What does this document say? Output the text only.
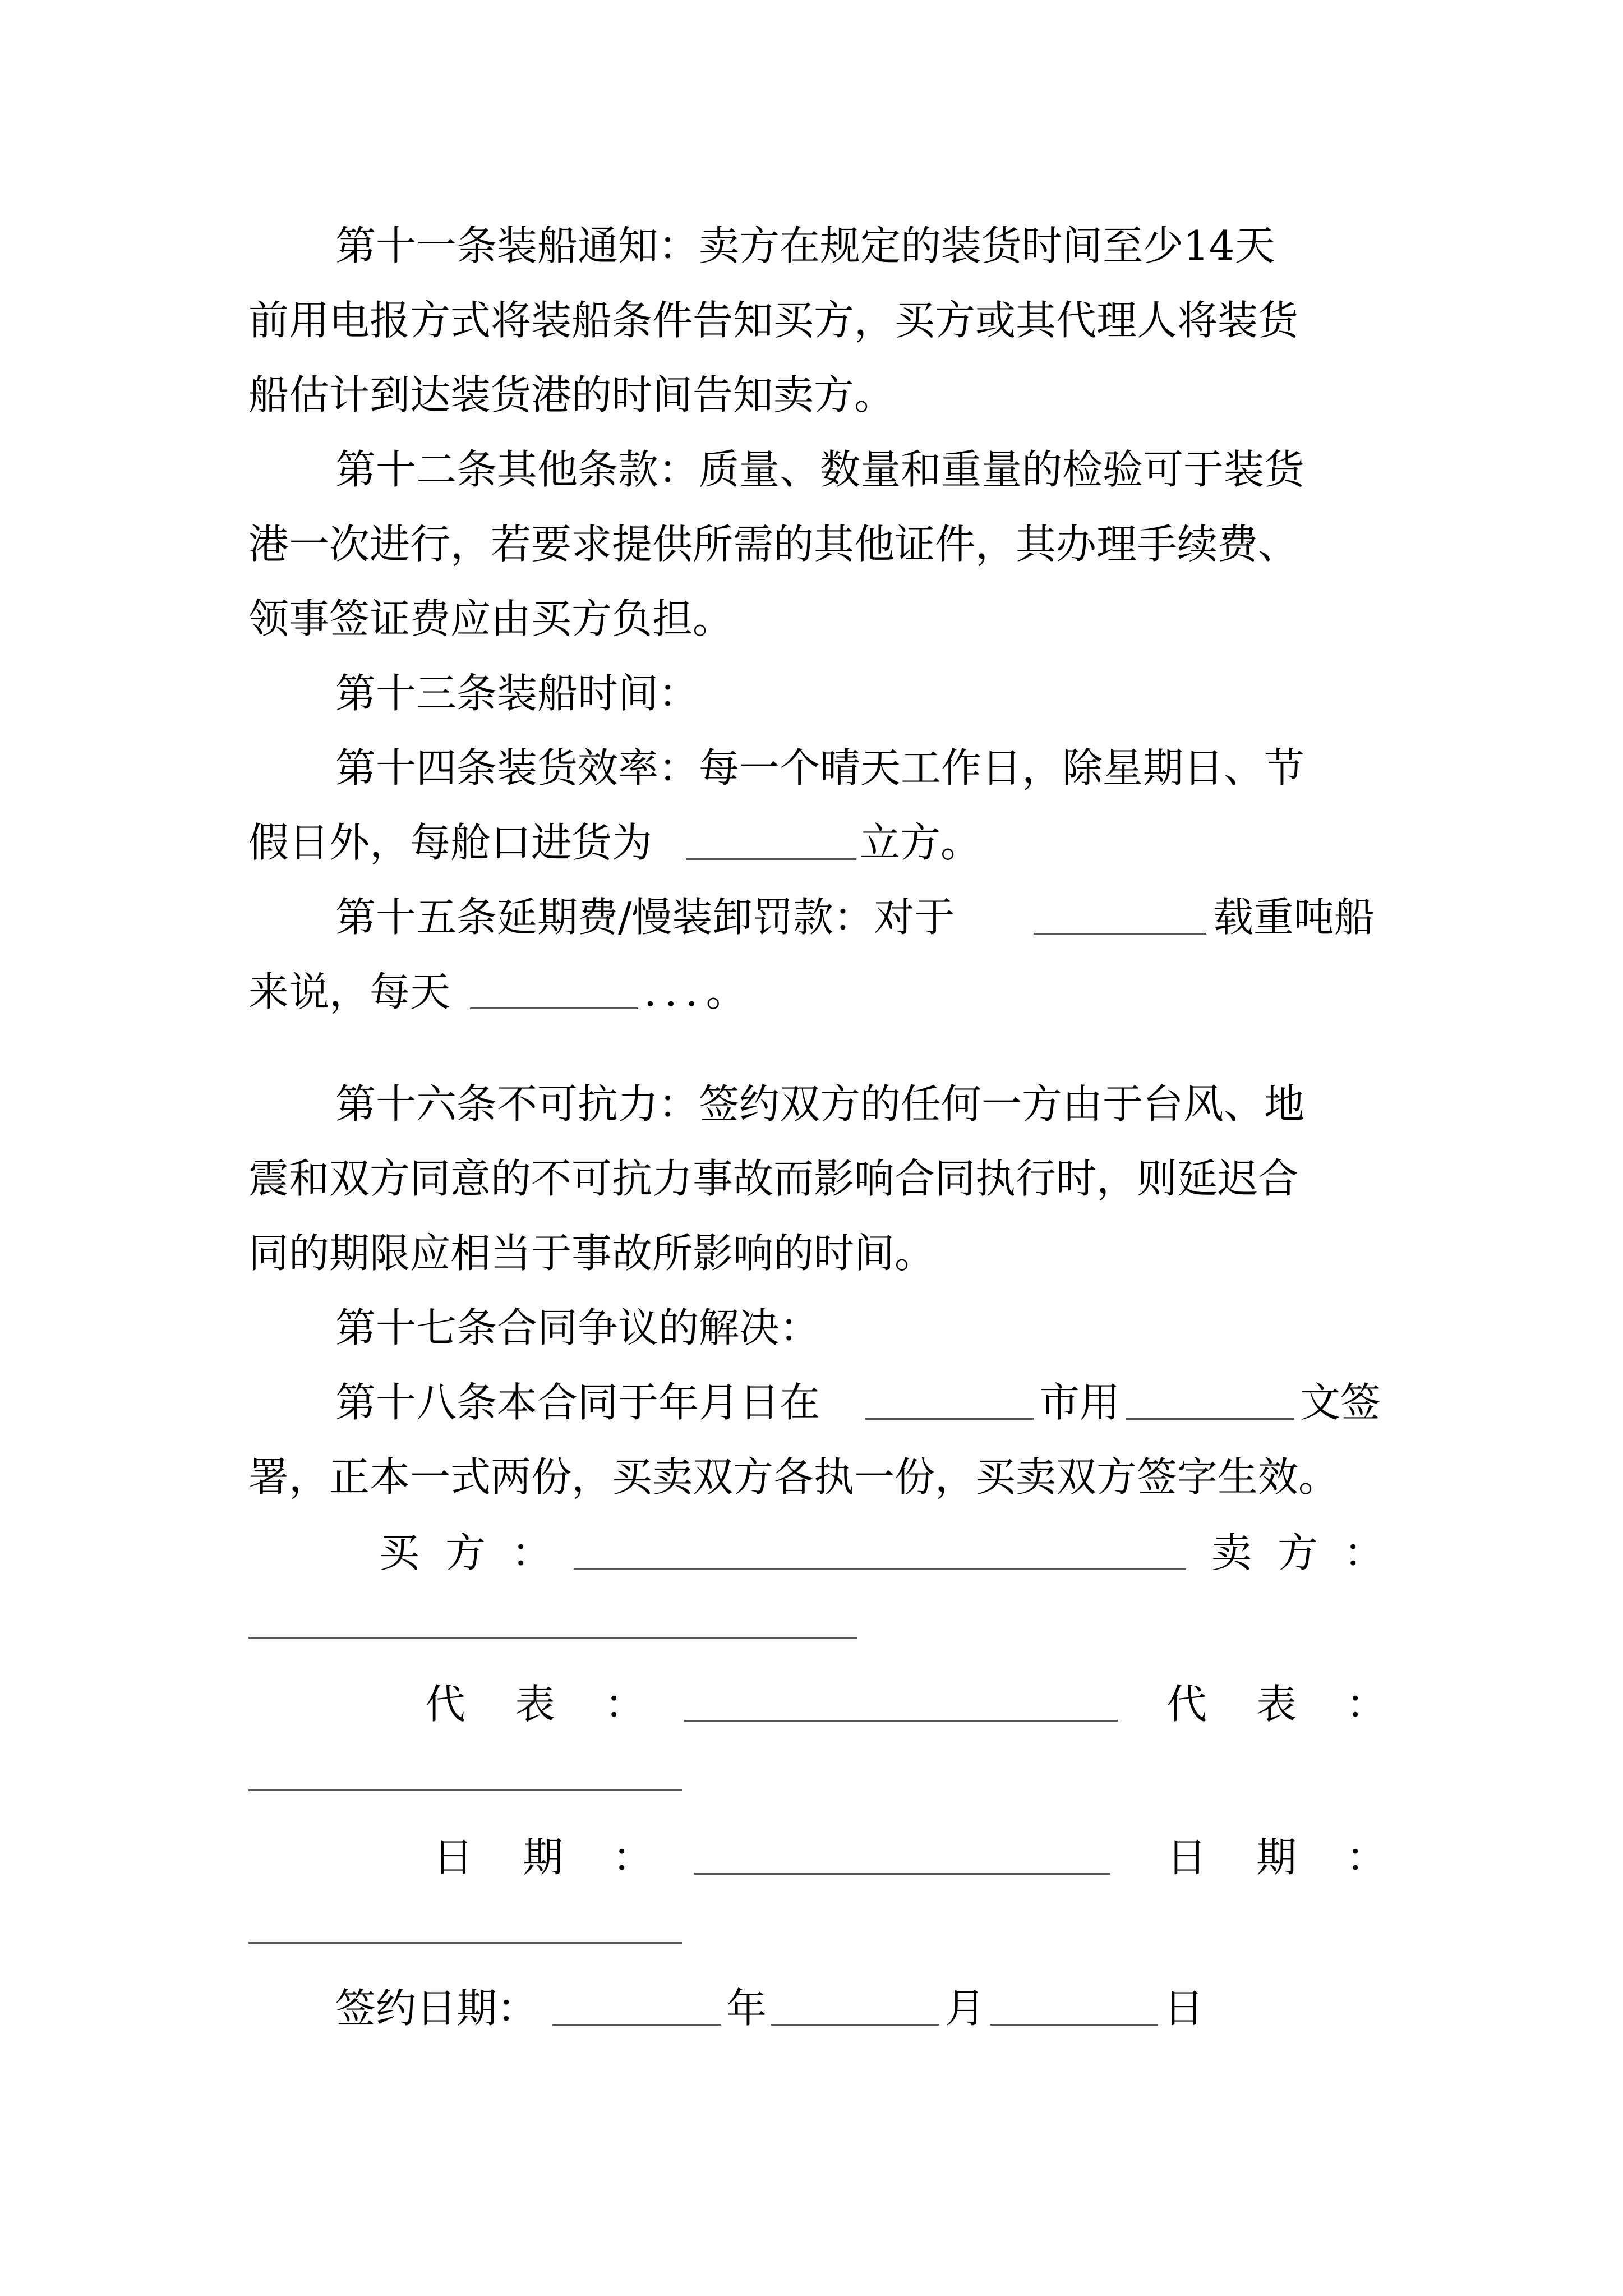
第十一条装船通知：卖方在规定的装货时间至少14天
前用电报方式将装船条件告知买方，买方或其代理人将装货
船估计到达装货港的时间告知卖方。
第十二条其他条款：质量、数量和重量的检验可于装货
港一次进行，若要求提供所需的其他证件，其办理手续费、
领事签证费应由买方负担。
第十三条装船时间：
第十四条装货效率：每一个晴天工作日，除星期日、节
假日外，每舱口进货为	立方。
第十五条延期费/慢装卸罚款：对于	载重吨船
来说，每天	...。
第十六条不可抗力：签约双方的任何一方由于台风、地
震和双方同意的不可抗力事故而影响合同执行时，则延迟合
同的期限应相当于事故所影响的时间。
第十七条合同争议的解决：
第十八条本合同于年月日在	市用	文签
署，正本一式两份，买卖双方各执一份，买卖双方签字生效。
买方：	卖方：
代表：	代表：
日期：	日期：
签约日期：	年	月	日
